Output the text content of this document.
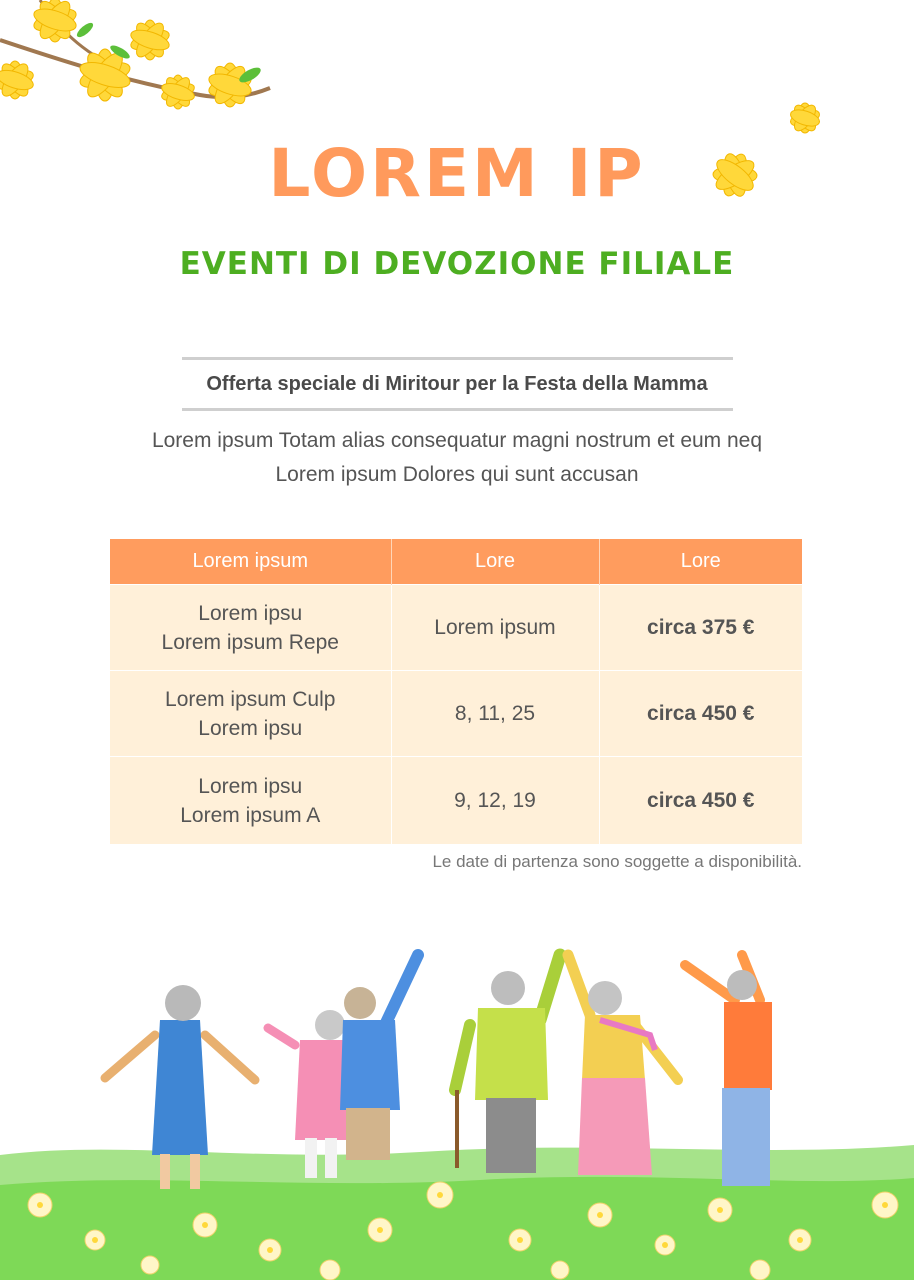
LOREM IP
EVENTI DI DEVOZIONE FILIALE
Offerta speciale di Miritour per la Festa della Mamma
Lorem ipsum Totam alias consequatur magni nostrum et eum neq
Lorem ipsum Dolores qui sunt accusan
Lorem ipsum	Lore	Lore

Lorem ipsu
Lorem ipsum Repe	Lorem ipsum	circa 375 €

Lorem ipsum Culp
Lorem ipsu	8, 11, 25	circa 450 €

Lorem ipsu
Lorem ipsum A	9, 12, 19	circa 450 €
Le date di partenza sono soggette a disponibilità.
